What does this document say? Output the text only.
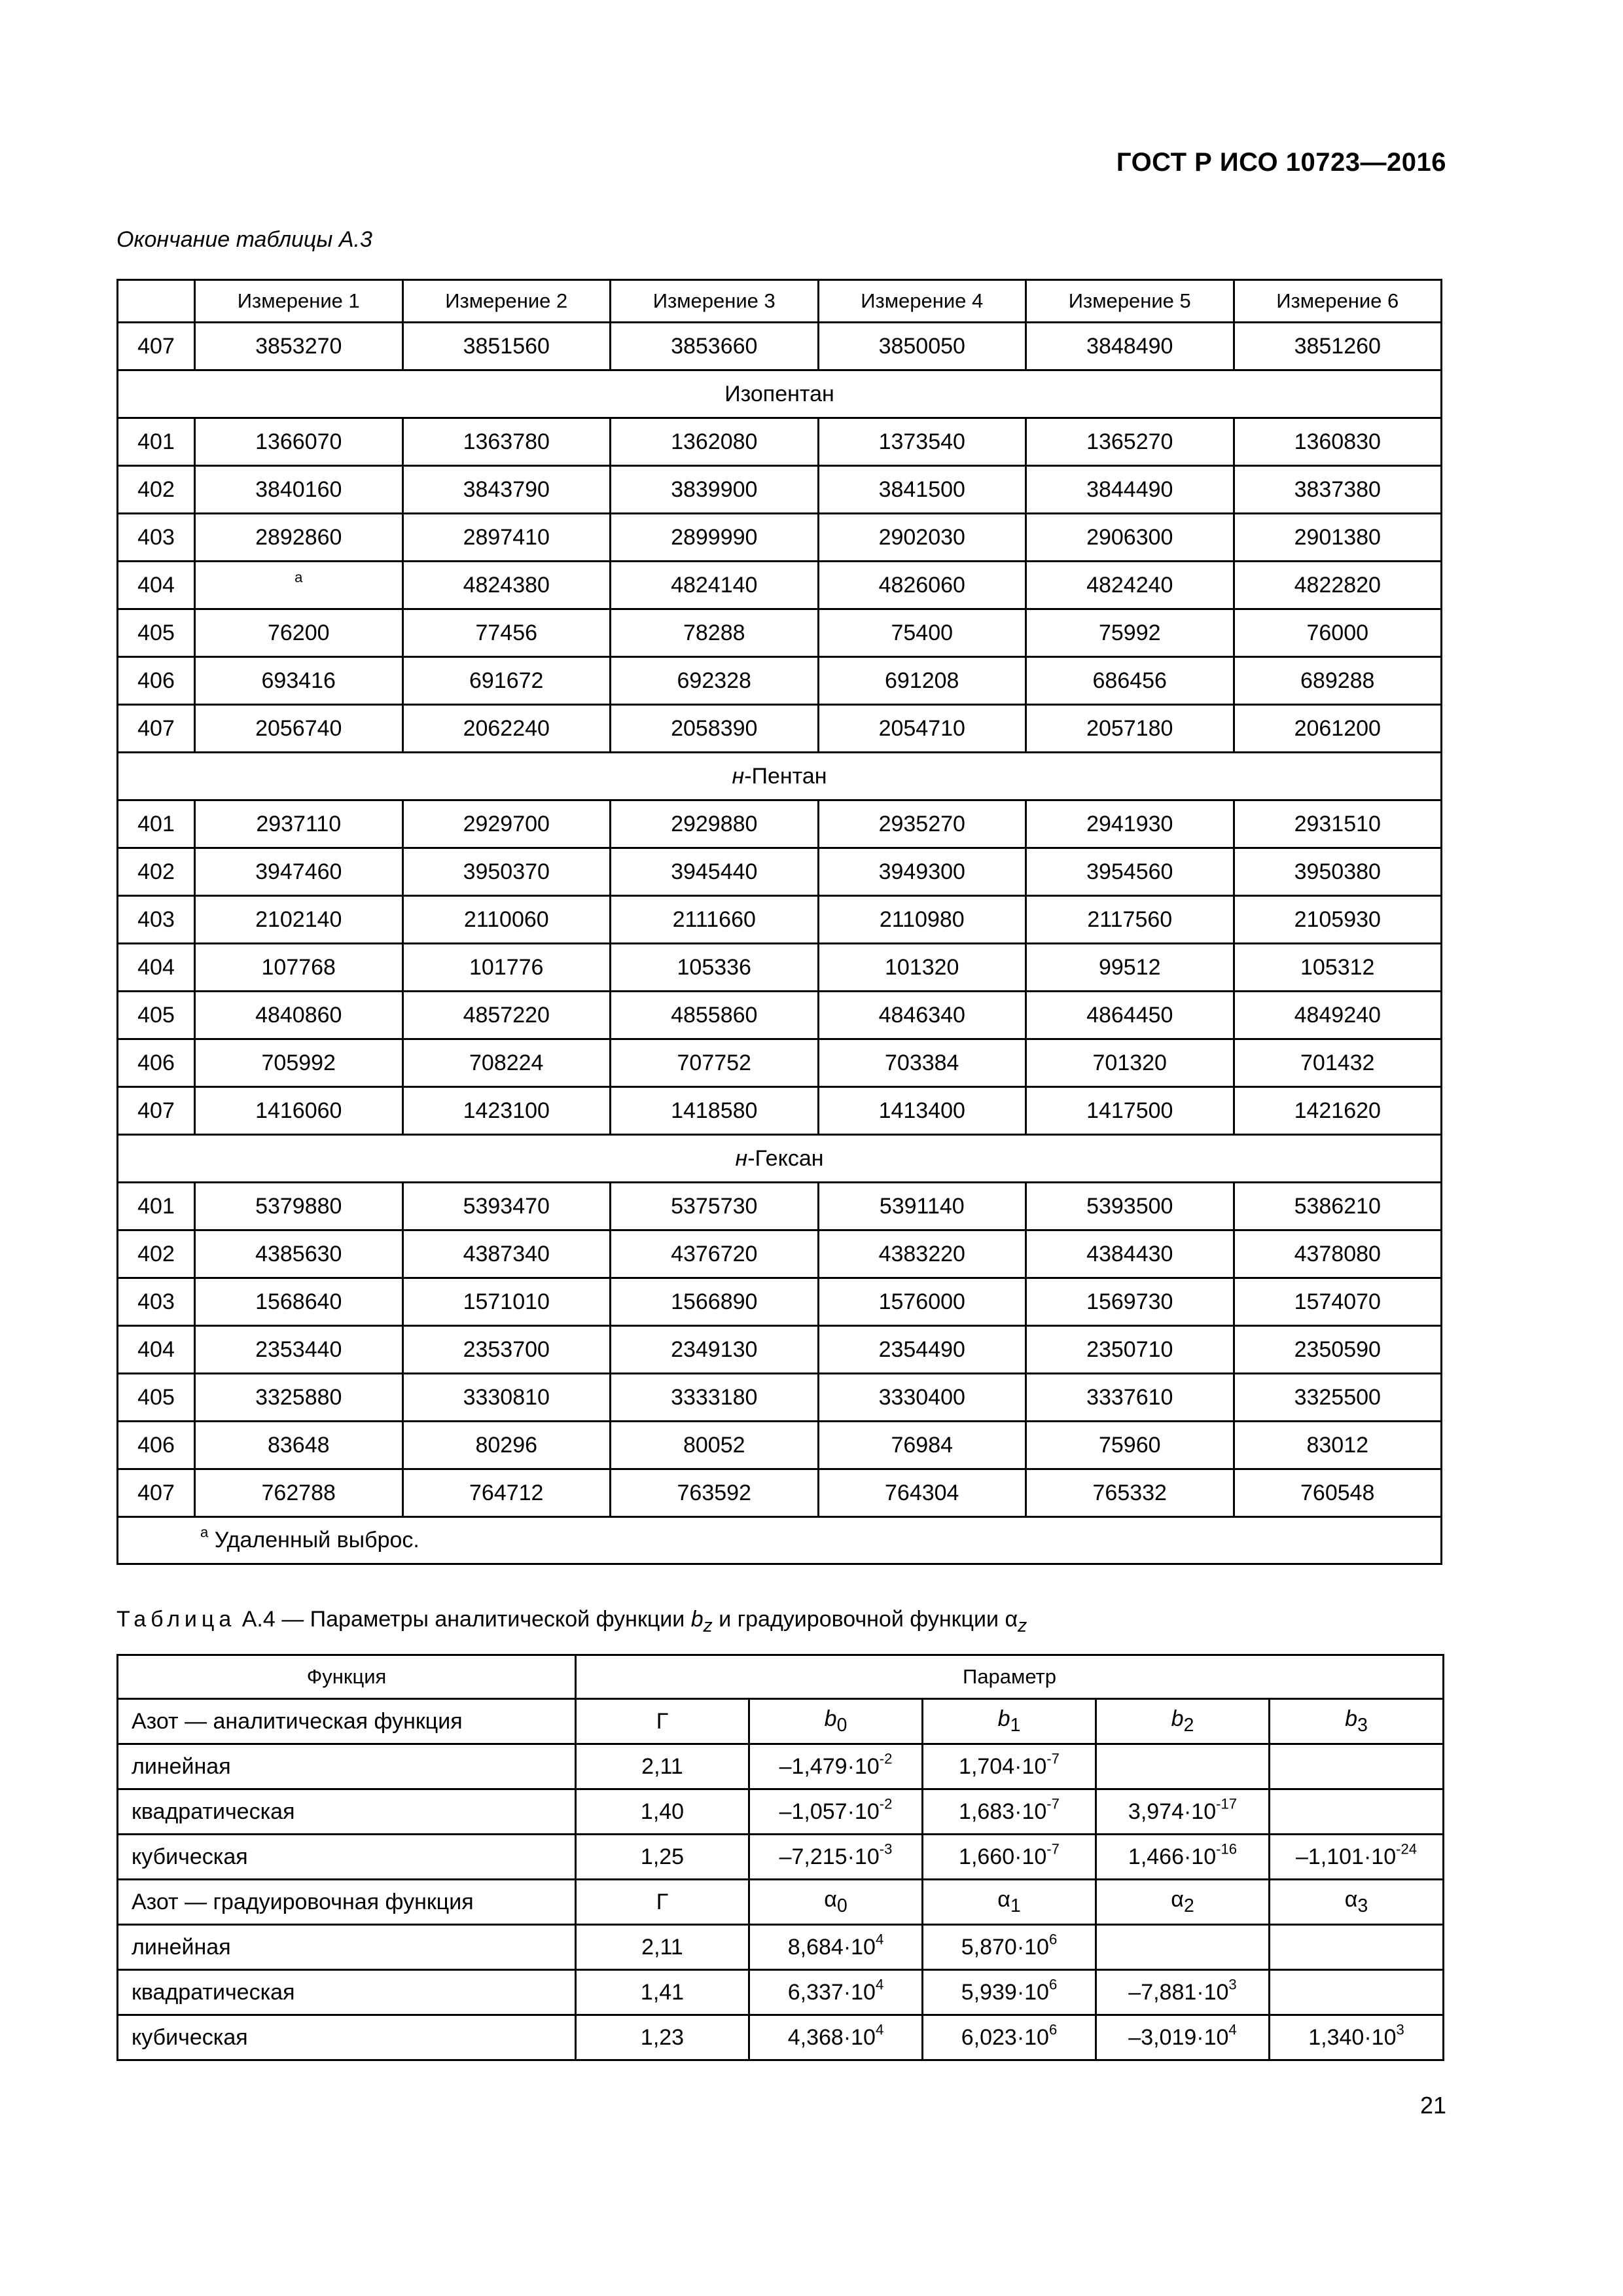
ГОСТ Р ИСО 10723—2016
Окончание таблицы А.3
	Измерение 1	Измерение 2	Измерение 3	Измерение 4	Измерение 5	Измерение 6
407	3853270	3851560	3853660	3850050	3848490	3851260
Изопентан						
401	1366070	1363780	1362080	1373540	1365270	1360830
402	3840160	3843790	3839900	3841500	3844490	3837380
403	2892860	2897410	2899990	2902030	2906300	2901380
404	$^a$	4824380	4824140	4826060	4824240	4822820
405	76200	77456	78288	75400	75992	76000
406	693416	691672	692328	691208	686456	689288
407	2056740	2062240	2058390	2054710	2057180	2061200
н-Пентан						
401	2937110	2929700	2929880	2935270	2941930	2931510
402	3947460	3950370	3945440	3949300	3954560	3950380
403	2102140	2110060	2111660	2110980	2117560	2105930
404	107768	101776	105336	101320	99512	105312
405	4840860	4857220	4855860	4846340	4864450	4849240
406	705992	708224	707752	703384	701320	701432
407	1416060	1423100	1418580	1413400	1417500	1421620
н-Гексан						
401	5379880	5393470	5375730	5391140	5393500	5386210
402	4385630	4387340	4376720	4383220	4384430	4378080
403	1568640	1571010	1566890	1576000	1569730	1574070
404	2353440	2353700	2349130	2354490	2350710	2350590
405	3325880	3330810	3333180	3330400	3337610	3325500
406	83648	80296	80052	76984	75960	83012
407	762788	764712	763592	764304	765332	760548
$^a$ Удаленный выброс.						
Таблица А.4 — Параметры аналитической функции $b_z$ и градуировочной функции $\alpha_z$
Функция	Параметр				
Азот — аналитическая функция	Г	$b_0$	$b_1$	$b_2$	$b_3$
линейная	2,11	$-1,479\cdot 10^{-2}$	$1,704\cdot 10^{-7}$		
квадратическая	1,40	$-1,057\cdot 10^{-2}$	$1,683\cdot 10^{-7}$	$3,974\cdot 10^{-17}$	
кубическая	1,25	$-7,215\cdot 10^{-3}$	$1,660\cdot 10^{-7}$	$1,466\cdot 10^{-16}$	$-1,101\cdot 10^{-24}$
Азот — градуировочная функция	Г	$\alpha_0$	$\alpha_1$	$\alpha_2$	$\alpha_3$
линейная	2,11	$8,684\cdot 10^4$	$5,870\cdot 10^6$		
квадратическая	1,41	$6,337\cdot 10^4$	$5,939\cdot 10^6$	$-7,881\cdot 10^3$	
кубическая	1,23	$4,368\cdot 10^4$	$6,023\cdot 10^6$	$-3,019\cdot 10^4$	$1,340\cdot 10^3$
21
